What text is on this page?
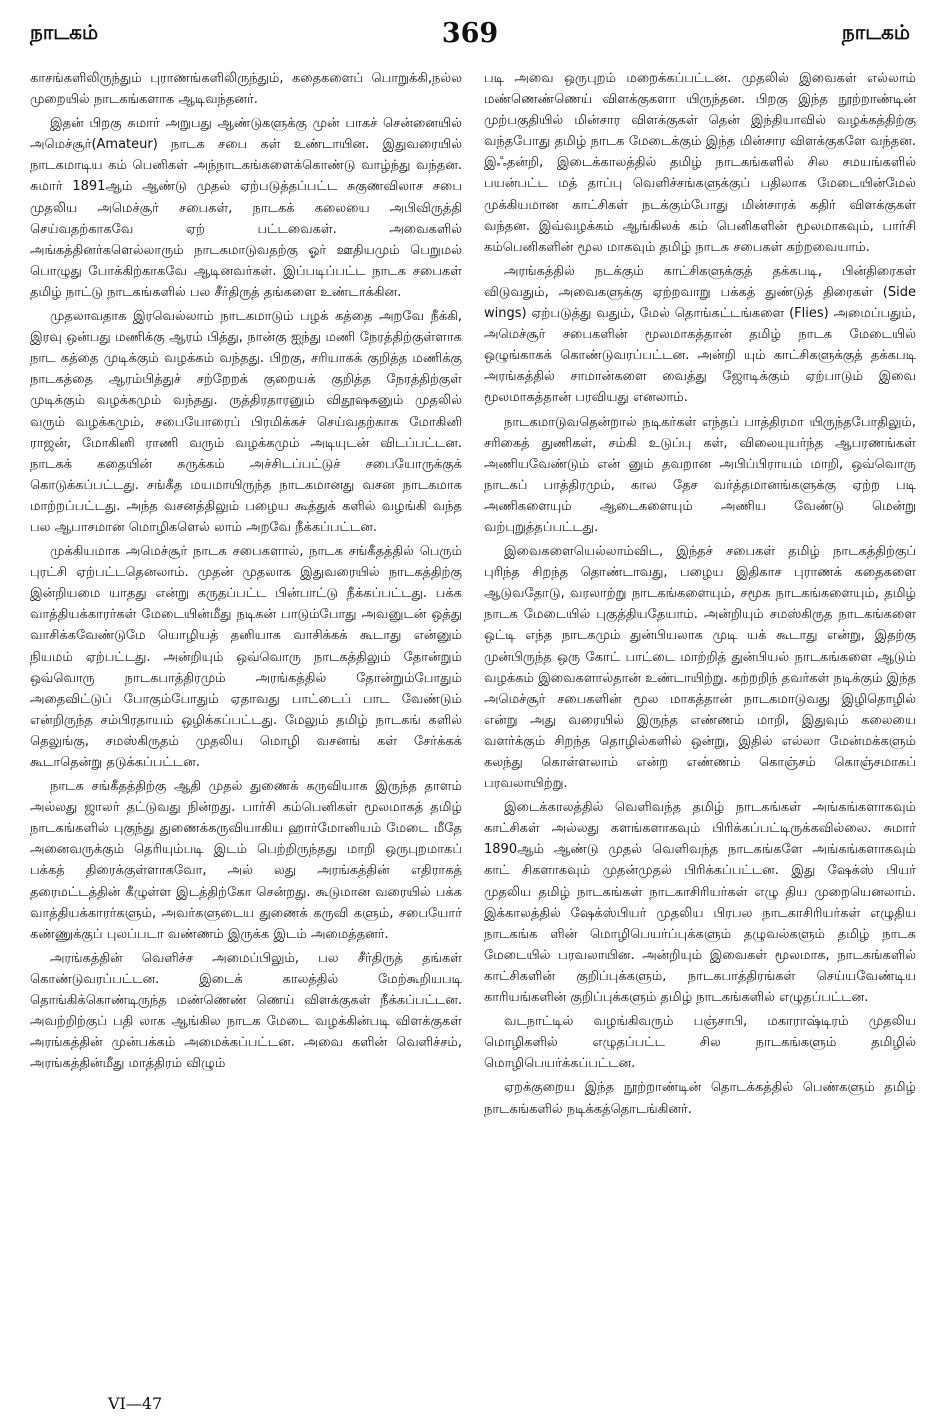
நாடகம்	369	நாடகம்

காசங்களிலிருந்தும் புராணங்களிலிருந்தும், கதைகளைப் பொறுக்கி,நல்ல முறையில் நாடகங்களாக ஆடிவந்தனர்.

இதன் பிறகு சுமார் அறுபது ஆண்டுகளுக்கு முன் பாகச் சென்னையில் அமெச்சூர்(Amateur) நாடக சபை கள் உண்டாயின. இதுவரையில் நாடகமாடிய கம் பெனிகள் அந்நாடகங்களைக்கொண்டு வாழ்ந்து வந்தன. சுமார் 1891ஆம் ஆண்டு முதல் ஏற்படுத்தப்பட்ட சுகுணவிலாச சபை முதலிய அமெச்சூர் சபைகள், நாடகக் கலையை அபிவிருத்தி செய்வதற்காகவே ஏற் பட்டவைகள். அவைகளில் அங்கத்தினர்களெல்லாரும் நாடகமாடுவதற்கு ஓர் ஊதியமும் பெறுமல் பொழுது போக்கிற்காகவே ஆடினவர்கள். இப்படிப்பட்ட நாடக சபைகள் தமிழ் நாட்டு நாடகங்களில் பல சீர்திருத் தங்களை உண்டாக்கின.

முதலாவதாக இரவெல்லாம் நாடகமாடும் பழக் கத்தை அறவே நீக்கி, இரவு ஒன்பது மணிக்கு ஆரம் பித்து, நான்கு ஐந்து மணி நேரத்திற்குள்ளாக நாட கத்தை முடிக்கும் வழக்கம் வந்தது. பிறகு, சரியாகக் குறித்த மணிக்கு நாடகத்தை ஆரம்பித்துச் சற்றேறக் குறையக் குறித்த நேரத்திற்குள் முடிக்கும் வழக்கமும் வந்தது. ருத்திரதாரனும் விதூஷகனும் முதலில் வரும் வழக்கமும், சபையோரைப் பிரமிக்கச் செய்வதற்காக மோகினி ராஜன், மோகினி ராணி வரும் வழக்கமும் அடியுடன் விடப்பட்டன. நாடகக் கதையின் சுருக்கம் அச்சிடப்பட்டுச் சபையோருக்குக் கொடுக்கப்பட்டது. சங்கீத மயமாயிருந்த நாடகமானது வசன நாடகமாக மாற்றப்பட்டது. அந்த வசனத்திலும் பழைய கூத்துக் களில் வழங்கி வந்த பல ஆபாசமான மொழிகளெல் லாம் அறவே நீக்கப்பட்டன.

முக்கியமாக அமெச்சூர் நாடக சபைகளால், நாடக சங்கீதத்தில் பெரும் புரட்சி ஏற்பட்டதெனலாம். முதன் முதலாக இதுவரையில் நாடகத்திற்கு இன்றியமை யாதது என்று கருதப்பட்ட பின்பாட்டு நீக்கப்பட்டது. பக்க வாத்தியக்காரர்கள் மேடையின்மீது நடிகன் பாடும்போது அவனுடன் ஒத்து வாசிக்கவேண்டுமே யொழியத் தனியாக வாசிக்கக் கூடாது என்னும் நியமம் ஏற்பட்டது. அன்றியும் ஒவ்வொரு நாடகத்திலும் தோன்றும் ஒவ்வொரு நாடகபாத்திரமும் அரங்கத்தில் தோன்றும்போதும் அதைவிட்டுப் போகும்போதும் ஏதாவது பாட்டைப் பாட வேண்டும் என்றிருந்த சம்பிரதாயம் ஒழிக்கப்பட்டது. மேலும் தமிழ் நாடகங் களில் தெலுங்கு, சமஸ்கிருதம் முதலிய மொழி வசனங் கள் சேர்க்கக் கூடாதென்று தடுக்கப்பட்டன.

நாடக சங்கீதத்திற்கு ஆதி முதல் துணைக் கருவியாக இருந்த தாளம் அல்லது ஜாலர் தட்டுவது நின்றது. பார்சி கம்பெனிகள் மூலமாகத் தமிழ் நாடகங்களில் புகுந்து துணைக்கருவியாகிய ஹார்மோனியம் மேடை மீதே அனைவருக்கும் தெரியும்படி இடம் பெற்றிருந்தது மாறி ஒருபுறமாகப் பக்கத் திரைக்குள்ளாகவோ, அல் லது அரங்கத்தின் எதிராகத் தரைமட்டத்தின் கீழுள்ள இடத்திற்கோ சென்றது. கூடுமான வரையில் பக்க வாத்தியக்காரர்களும், அவர்களுடைய துணைக் கருவி களும், சபையோர் கண்ணுக்குப் புலப்படா வண்ணம் இருக்க இடம் அமைத்தனர்.

அரங்கத்தின் வெளிச்ச அமைப்பிலும், பல சீர்திருத் தங்கள் கொண்டுவரப்பட்டன. இடைக் காலத்தில் மேற்கூறியபடி தொங்கிக்கொண்டிருந்த மண்ணெண் ணெய் விளக்குகள் நீக்கப்பட்டன. அவற்றிற்குப் பதி லாக ஆங்கில நாடக மேடை வழக்கின்படி விளக்குகள் அரங்கத்தின் முன்பக்கம் அமைக்கப்பட்டன. அவை களின் வெளிச்சம், அரங்கத்தின்மீது மாத்திரம் விழும்

படி அவை ஒருபுறம் மறைக்கப்பட்டன. முதலில் இவைகள் எல்லாம் மண்ணெண்ணெய் விளக்குகளா யிருந்தன. பிறகு இந்த நூற்றாண்டின் முற்பகுதியில் மின்சார விளக்குகள் தென் இந்தியாவில் வழக்கத்திற்கு வந்தபோது தமிழ் நாடக மேடைக்கும் இந்த மின்சார விளக்குகளே வந்தன. இஃதன்றி, இடைக்காலத்தில் தமிழ் நாடகங்களில் சில சமயங்களில் பயன்பட்ட மத் தாப்பு வெளிச்சங்களுக்குப் பதிலாக மேடையின்மேல் முக்கியமான காட்சிகள் நடக்கும்போது மின்சாரக் கதிர் விளக்குகள் வந்தன. இவ்வழக்கம் ஆங்கிலக் கம் பெனிகளின் மூலமாகவும், பார்சி கம்பெனிகளின் மூல மாகவும் தமிழ் நாடக சபைகள் கற்றவையாம்.

அரங்கத்தில் நடக்கும் காட்சிகளுக்குத் தக்கபடி, பின்திரைகள் விடுவதும், அவைகளுக்கு ஏற்றவாறு பக்கத் துண்டுத் திரைகள் (Side wings) ஏற்படுத்து வதும், மேல் தொங்கட்டங்களை (Flies) அமைப்பதும், அமெச்சூர் சபைகளின் மூலமாகத்தான் தமிழ் நாடக மேடையில் ஒழுங்காகக் கொண்டுவரப்பட்டன. அன்றி யும் காட்சிகளுக்குத் தக்கபடி அரங்கத்தில் சாமான்களை வைத்து ஜோடிக்கும் ஏற்பாடும் இவை மூலமாகத்தான் பரவியது எனலாம்.

நாடகமாடுவதென்றால் நடிகர்கள் எந்தப் பாத்திரமா யிருந்தபோதிலும், சரிகைத் துணிகள், சம்கி உடுப்பு கள், விலையுயர்ந்த ஆபரணங்கள் அணியவேண்டும் என் னும் தவறான அபிப்பிராயம் மாறி, ஒவ்வொரு நாடகப் பாத்திரமும், கால தேச வர்த்தமானங்களுக்கு ஏற்ற படி அணிகளையும் ஆடைகளையும் அணிய வேண்டு மென்று வற்புறுத்தப்பட்டது.

இவைகளையெல்லாம்விட, இந்தச் சபைகள் தமிழ் நாடகத்திற்குப் புரிந்த சிறந்த தொண்டாவது, பழைய இதிகாச புராணக் கதைகளை ஆடுவதோடு, வரலாற்று நாடகங்களையும், சமூக நாடகங்களையும், தமிழ் நாடக மேடையில் புகுத்தியதேயாம். அன்றியும் சமஸ்கிருத நாடகங்களை ஒட்டி எந்த நாடகமும் துன்பியலாக முடி யக் கூடாது என்று, இதற்கு முன்பிருந்த ஒரு கோட் பாட்டை மாற்றித் துன்பியல் நாடகங்களை ஆடும் வழக்கம் இவைகளால்தான் உண்டாயிற்று. கற்றறிந் தவர்கள் நடிக்கும் இந்த அமெச்சூர் சபைகளின் மூல மாகத்தான் நாடகமாடுவது இழிதொழில் என்று அது வரையில் இருந்த எண்ணம் மாறி, இதுவும் கலையை வளர்க்கும் சிறந்த தொழில்களில் ஒன்று, இதில் எல்லா மேன்மக்களும் கலந்து கொள்ளலாம் என்ற எண்ணம் கொஞ்சம் கொஞ்சமாகப் பரவலாயிற்று.

இடைக்காலத்தில் வெளிவந்த தமிழ் நாடகங்கள் அங்கங்களாகவும் காட்சிகள் அல்லது களங்களாகவும் பிரிக்கப்பட்டிருக்கவில்லை. சுமார் 1890ஆம் ஆண்டு முதல் வெளிவந்த நாடகங்களே அங்கங்களாகவும் காட் சிகளாகவும் முதன்முதல் பிரிக்கப்பட்டன. இது ஷேக்ஸ் பியர் முதலிய தமிழ் நாடகங்கள் நாடகாசிரியர்கள் எழு திய முறையெனலாம். இக்காலத்தில் ஷேக்ஸ்பியர் முதலிய பிரபல நாடகாசிரியர்கள் எழுதிய நாடகங்க ளின் மொழிபெயர்ப்புக்களும் தழுவல்களும் தமிழ் நாடக மேடையில் பரவலாயின. அன்றியும் இவைகள் மூலமாக, நாடகங்களில் காட்சிகளின் குறிப்புக்களும், நாடகபாத்திரங்கள் செய்யவேண்டிய காரியங்களின் குறிப்புக்களும் தமிழ் நாடகங்களில் எழுதப்பட்டன.

வடநாட்டில் வழங்கிவரும் பஞ்சாபி, மகாராஷ்டிரம் முதலிய மொழிகளில் எழுதப்பட்ட சில நாடகங்களும் தமிழில் மொழிபெயர்க்கப்பட்டன.

ஏறக்குறைய இந்த நூற்றாண்டின் தொடக்கத்தில் பெண்களும் தமிழ் நாடகங்களில் நடிக்கத்தொடங்கினர்.

VI—47
